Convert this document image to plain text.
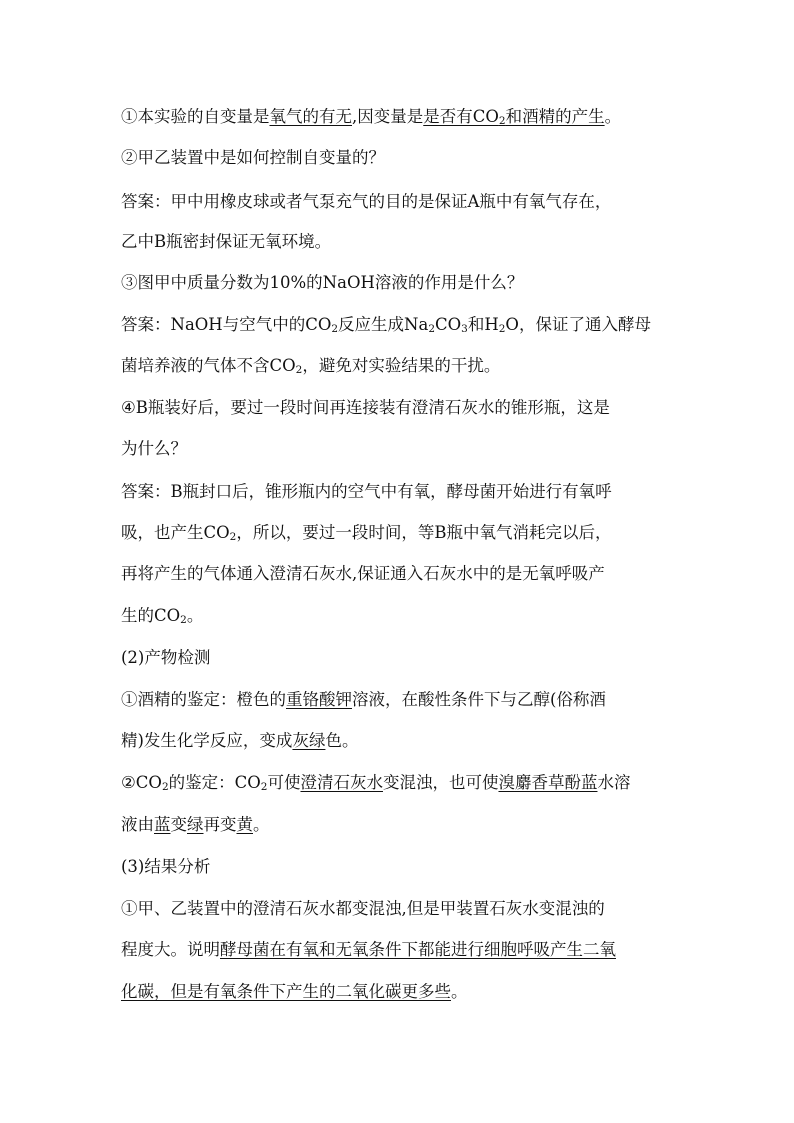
①本实验的自变量是氧气的有无,因变量是是否有$CO_2$和酒精的产生。
②甲乙装置中是如何控制自变量的？
答案：甲中用橡皮球或者气泵充气的目的是保证A瓶中有氧气存在，
乙中B瓶密封保证无氧环境。
③图甲中质量分数为10%的NaOH溶液的作用是什么？
答案：NaOH与空气中的$CO_2$反应生成$Na_2CO_3$和$H_2O$，保证了通入酵母
菌培养液的气体不含$CO_2$，避免对实验结果的干扰。
④B瓶装好后，要过一段时间再连接装有澄清石灰水的锥形瓶，这是
为什么？
答案：B瓶封口后，锥形瓶内的空气中有氧，酵母菌开始进行有氧呼
吸，也产生$CO_2$，所以，要过一段时间，等B瓶中氧气消耗完以后，
再将产生的气体通入澄清石灰水,保证通入石灰水中的是无氧呼吸产
生的$CO_2$。
(2)产物检测
①酒精的鉴定：橙色的重铬酸钾溶液，在酸性条件下与乙醇(俗称酒
精)发生化学反应，变成灰绿色。
$②CO_2$的鉴定：$CO_2$可使澄清石灰水变混浊，也可使溴麝香草酚蓝水溶
液由蓝变绿再变黄。
(3)结果分析
①甲、乙装置中的澄清石灰水都变混浊,但是甲装置石灰水变混浊的
程度大。说明酵母菌在有氧和无氧条件下都能进行细胞呼吸产生二氧
化碳，但是有氧条件下产生的二氧化碳更多些。
